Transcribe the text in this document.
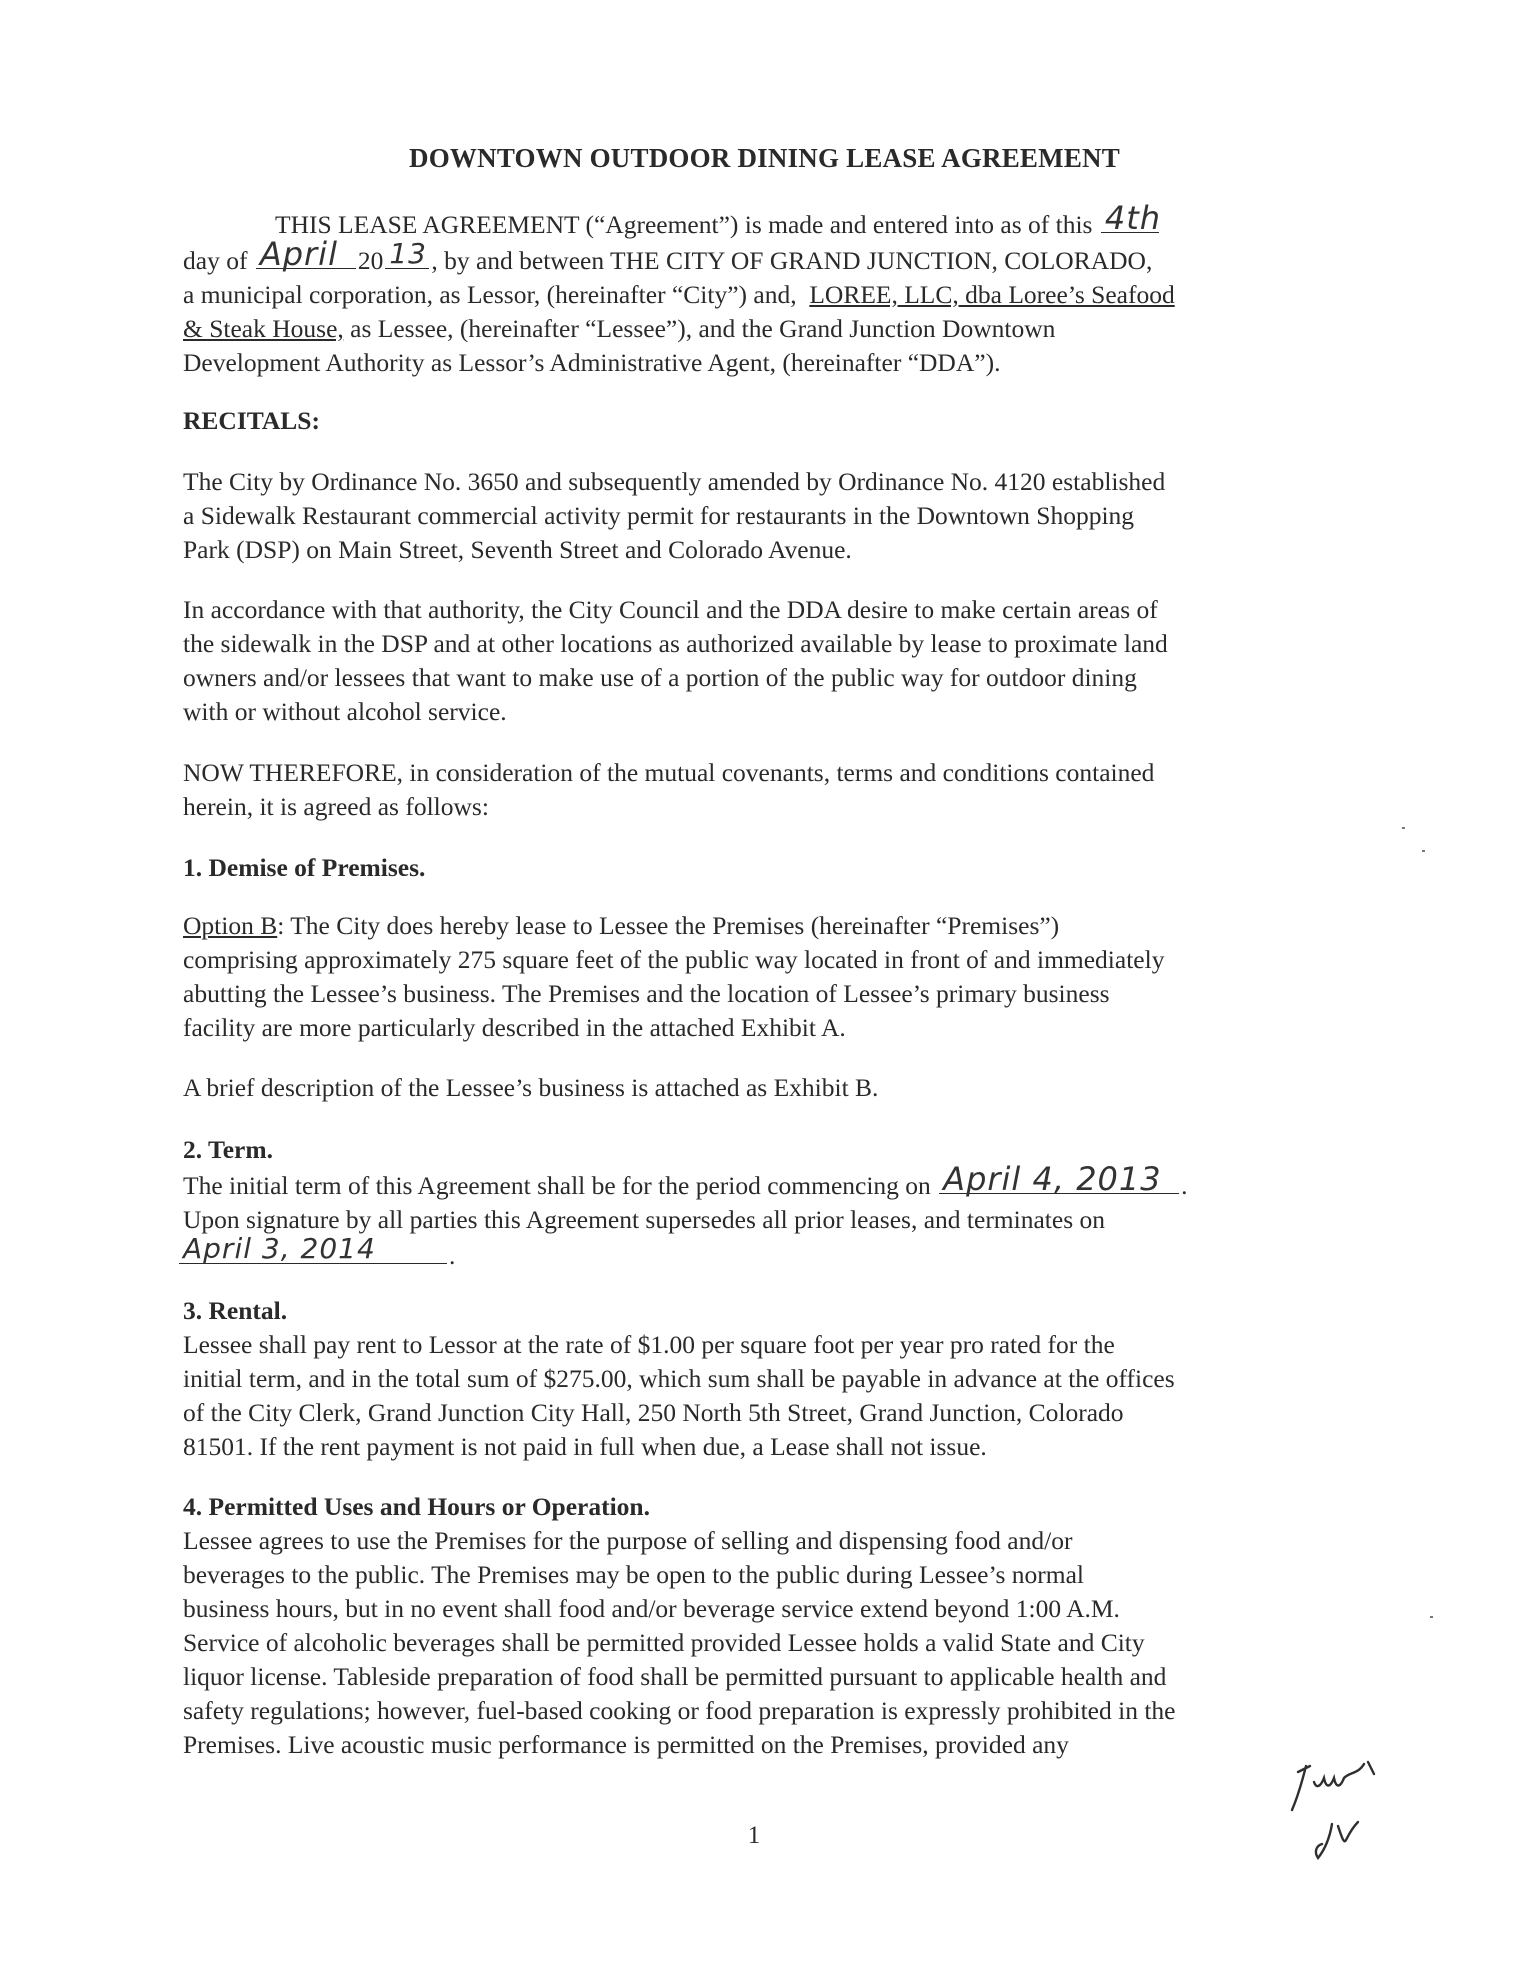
DOWNTOWN OUTDOOR DINING LEASE AGREEMENT
THIS LEASE AGREEMENT (“Agreement”) is made and entered into as of this 4th
day of April 20 13 , by and between THE CITY OF GRAND JUNCTION, COLORADO,
a municipal corporation, as Lessor, (hereinafter “City”) and, LOREE, LLC, dba Loree’s Seafood
& Steak House, as Lessee, (hereinafter “Lessee”), and the Grand Junction Downtown
Development Authority as Lessor’s Administrative Agent, (hereinafter “DDA”).
RECITALS:
The City by Ordinance No. 3650 and subsequently amended by Ordinance No. 4120 established
a Sidewalk Restaurant commercial activity permit for restaurants in the Downtown Shopping
Park (DSP) on Main Street, Seventh Street and Colorado Avenue.
In accordance with that authority, the City Council and the DDA desire to make certain areas of
the sidewalk in the DSP and at other locations as authorized available by lease to proximate land
owners and/or lessees that want to make use of a portion of the public way for outdoor dining
with or without alcohol service.
NOW THEREFORE, in consideration of the mutual covenants, terms and conditions contained
herein, it is agreed as follows:
1. Demise of Premises.
Option B: The City does hereby lease to Lessee the Premises (hereinafter “Premises”)
comprising approximately 275 square feet of the public way located in front of and immediately
abutting the Lessee’s business. The Premises and the location of Lessee’s primary business
facility are more particularly described in the attached Exhibit A.
A brief description of the Lessee’s business is attached as Exhibit B.
2. Term.
The initial term of this Agreement shall be for the period commencing on April 4, 2013 .
Upon signature by all parties this Agreement supersedes all prior leases, and terminates on
April 3, 2014	.
3. Rental.
Lessee shall pay rent to Lessor at the rate of $1.00 per square foot per year pro rated for the
initial term, and in the total sum of $275.00, which sum shall be payable in advance at the offices
of the City Clerk, Grand Junction City Hall, 250 North 5th Street, Grand Junction, Colorado
81501. If the rent payment is not paid in full when due, a Lease shall not issue.
4. Permitted Uses and Hours or Operation.
Lessee agrees to use the Premises for the purpose of selling and dispensing food and/or
beverages to the public. The Premises may be open to the public during Lessee’s normal
business hours, but in no event shall food and/or beverage service extend beyond 1:00 A.M.
Service of alcoholic beverages shall be permitted provided Lessee holds a valid State and City
liquor license. Tableside preparation of food shall be permitted pursuant to applicable health and
safety regulations; however, fuel-based cooking or food preparation is expressly prohibited in the
Premises. Live acoustic music performance is permitted on the Premises, provided any
1
